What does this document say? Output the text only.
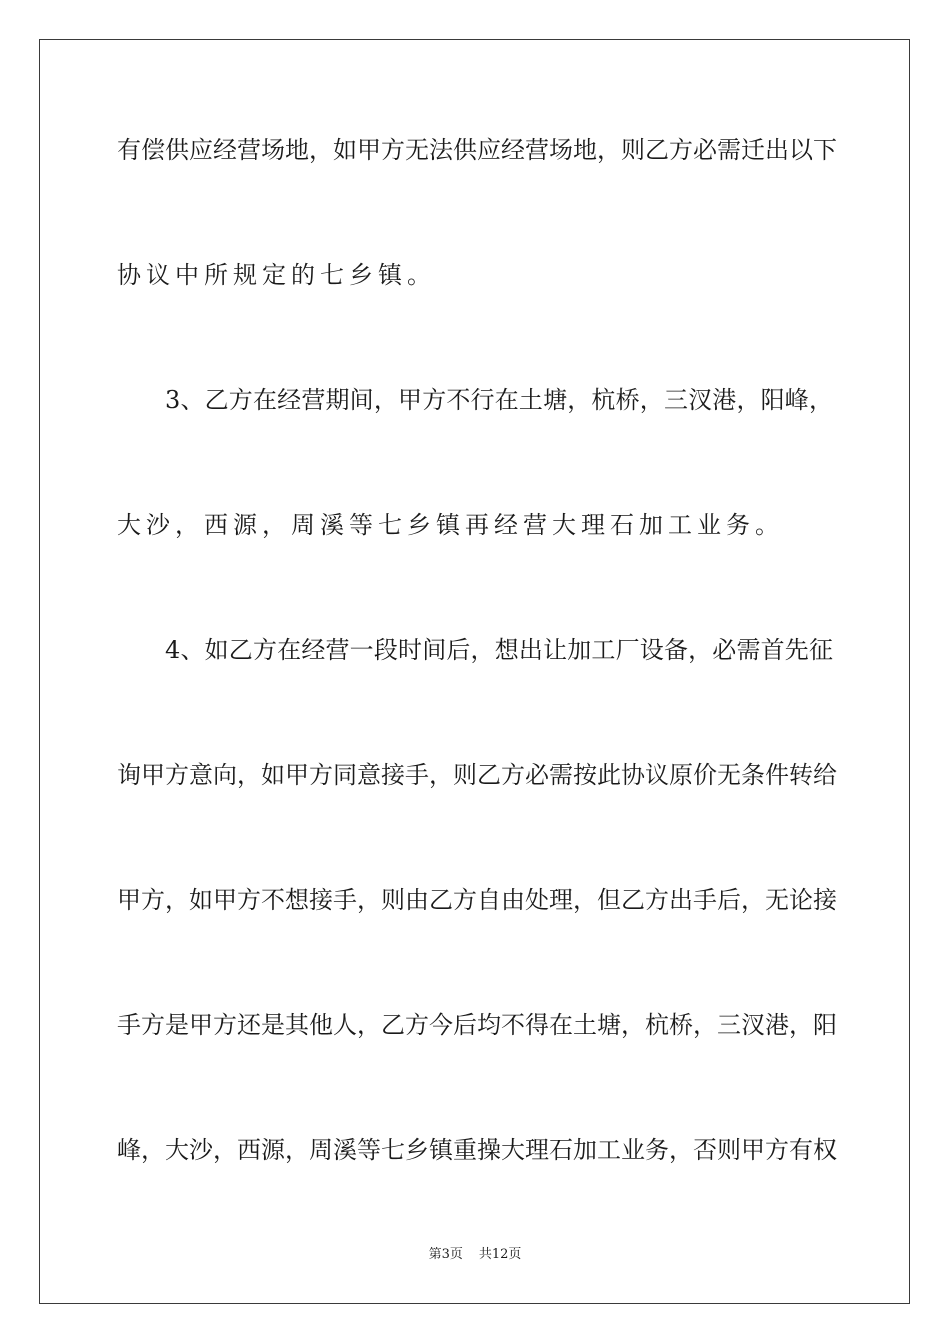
有偿供应经营场地，如甲方无法供应经营场地，则乙方必需迁出以下
协议中所规定的七乡镇。
3、乙方在经营期间，甲方不行在土塘，杭桥，三汊港，阳峰，
大沙，西源，周溪等七乡镇再经营大理石加工业务。
4、如乙方在经营一段时间后，想出让加工厂设备，必需首先征
询甲方意向，如甲方同意接手，则乙方必需按此协议原价无条件转给
甲方，如甲方不想接手，则由乙方自由处理，但乙方出手后，无论接
手方是甲方还是其他人，乙方今后均不得在土塘，杭桥，三汊港，阳
峰，大沙，西源，周溪等七乡镇重操大理石加工业务，否则甲方有权
第3页 共12页
